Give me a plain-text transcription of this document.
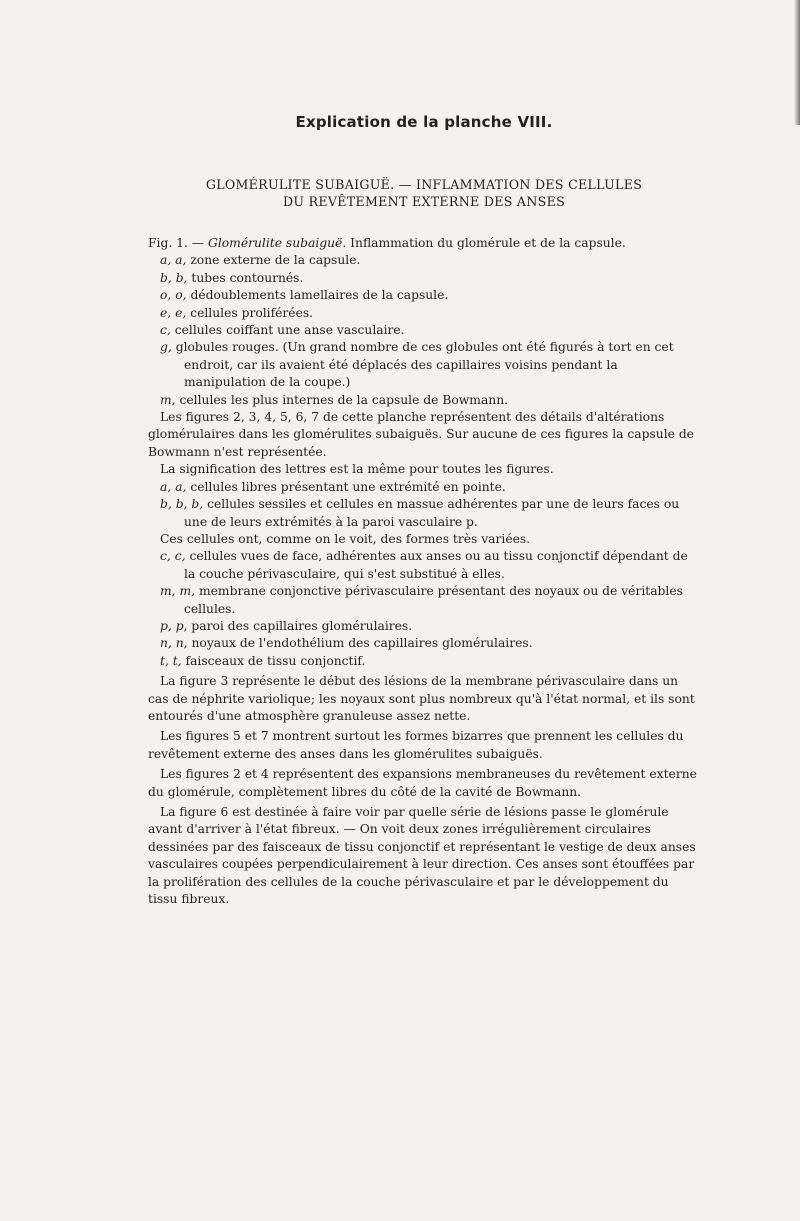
Explication de la planche VIII.
GLOMÉRULITE SUBAIGUË. — INFLAMMATION DES CELLULES
DU REVÊTEMENT EXTERNE DES ANSES

Fig. 1. — Glomérulite subaiguë. Inflammation du glomérule et de la capsule.

a, a, zone externe de la capsule.

b, b, tubes contournés.

o, o, dédoublements lamellaires de la capsule.

e, e, cellules proliférées.

c, cellules coiffant une anse vasculaire.

g, globules rouges. (Un grand nombre de ces globules ont été figurés à tort en cet endroit, car ils avaient été déplacés des capillaires voisins pendant la manipulation de la coupe.)

m, cellules les plus internes de la capsule de Bowmann.

Les figures 2, 3, 4, 5, 6, 7 de cette planche représentent des détails d'altérations glomérulaires dans les glomérulites subaiguës. Sur aucune de ces figures la capsule de Bowmann n'est représentée.

La signification des lettres est la même pour toutes les figures.

a, a, cellules libres présentant une extrémité en pointe.

b, b, b, cellules sessiles et cellules en massue adhérentes par une de leurs faces ou une de leurs extrémités à la paroi vasculaire p.

Ces cellules ont, comme on le voit, des formes très variées.

c, c, cellules vues de face, adhérentes aux anses ou au tissu conjonctif dépendant de la couche périvasculaire, qui s'est substitué à elles.

m, m, membrane conjonctive périvasculaire présentant des noyaux ou de véritables cellules.

p, p, paroi des capillaires glomérulaires.

n, n, noyaux de l'endothélium des capillaires glomérulaires.

t, t, faisceaux de tissu conjonctif.

La figure 3 représente le début des lésions de la membrane périvasculaire dans un cas de néphrite variolique; les noyaux sont plus nombreux qu'à l'état normal, et ils sont entourés d'une atmosphère granuleuse assez nette.

Les figures 5 et 7 montrent surtout les formes bizarres que prennent les cellules du revêtement externe des anses dans les glomérulites subaiguës.

Les figures 2 et 4 représentent des expansions membraneuses du revêtement externe du glomérule, complètement libres du côté de la cavité de Bowmann.

La figure 6 est destinée à faire voir par quelle série de lésions passe le glomérule avant d'arriver à l'état fibreux. — On voit deux zones irrégulièrement circulaires dessinées par des faisceaux de tissu conjonctif et représentant le vestige de deux anses vasculaires coupées perpendiculairement à leur direction. Ces anses sont étouffées par la prolifération des cellules de la couche périvasculaire et par le développement du tissu fibreux.
